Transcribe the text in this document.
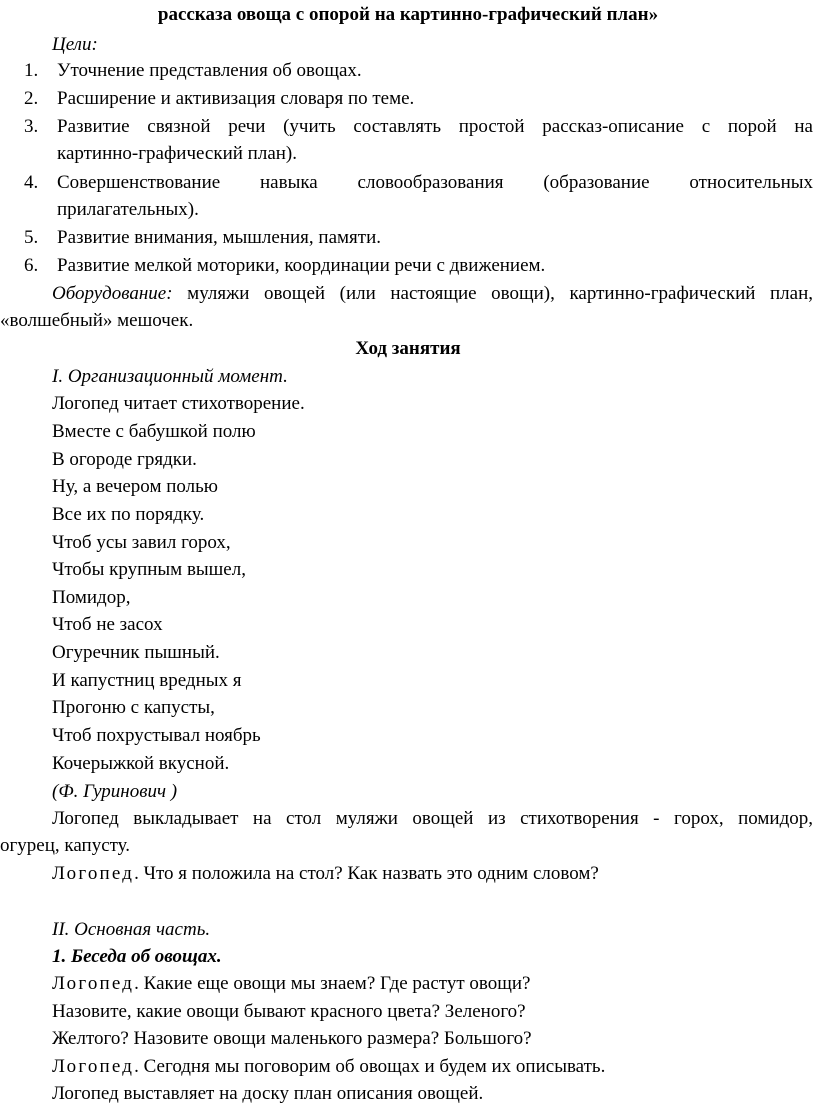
рассказа овоща с опорой на картинно-графический план»
Цели:
1. Уточнение представления об овощах.
2. Расширение и активизация словаря по теме.
3. Развитие связной речи (учить составлять простой рассказ-описание с порой на
картинно-графический план).
4. Совершенствование навыка словообразования (образование относительных
прилагательных).
5. Развитие внимания, мышления, памяти.
6. Развитие мелкой моторики, координации речи с движением.
Оборудование: муляжи овощей (или настоящие овощи), картинно-графический план,
«волшебный» мешочек.
Ход занятия
I. Организационный момент.
Логопед читает стихотворение.
Вместе с бабушкой полю
В огороде грядки.
Ну, а вечером полью
Все их по порядку.
Чтоб усы завил горох,
Чтобы крупным вышел,
Помидор,
Чтоб не засох
Огуречник пышный.
И капустниц вредных я
Прогоню с капусты,
Чтоб похрустывал ноябрь
Кочерыжкой вкусной.
(Ф. Гуринович )
Логопед выкладывает на стол муляжи овощей из стихотворения - горох, помидор,
огурец, капусту.
Логопед. Что я положила на стол? Как назвать это одним словом?
II. Основная часть.
1. Беседа об овощах.
Логопед. Какие еще овощи мы знаем? Где растут овощи?
Назовите, какие овощи бывают красного цвета? Зеленого?
Желтого? Назовите овощи маленького размера? Большого?
Логопед. Сегодня мы поговорим об овощах и будем их описывать.
Логопед выставляет на доску план описания овощей.
